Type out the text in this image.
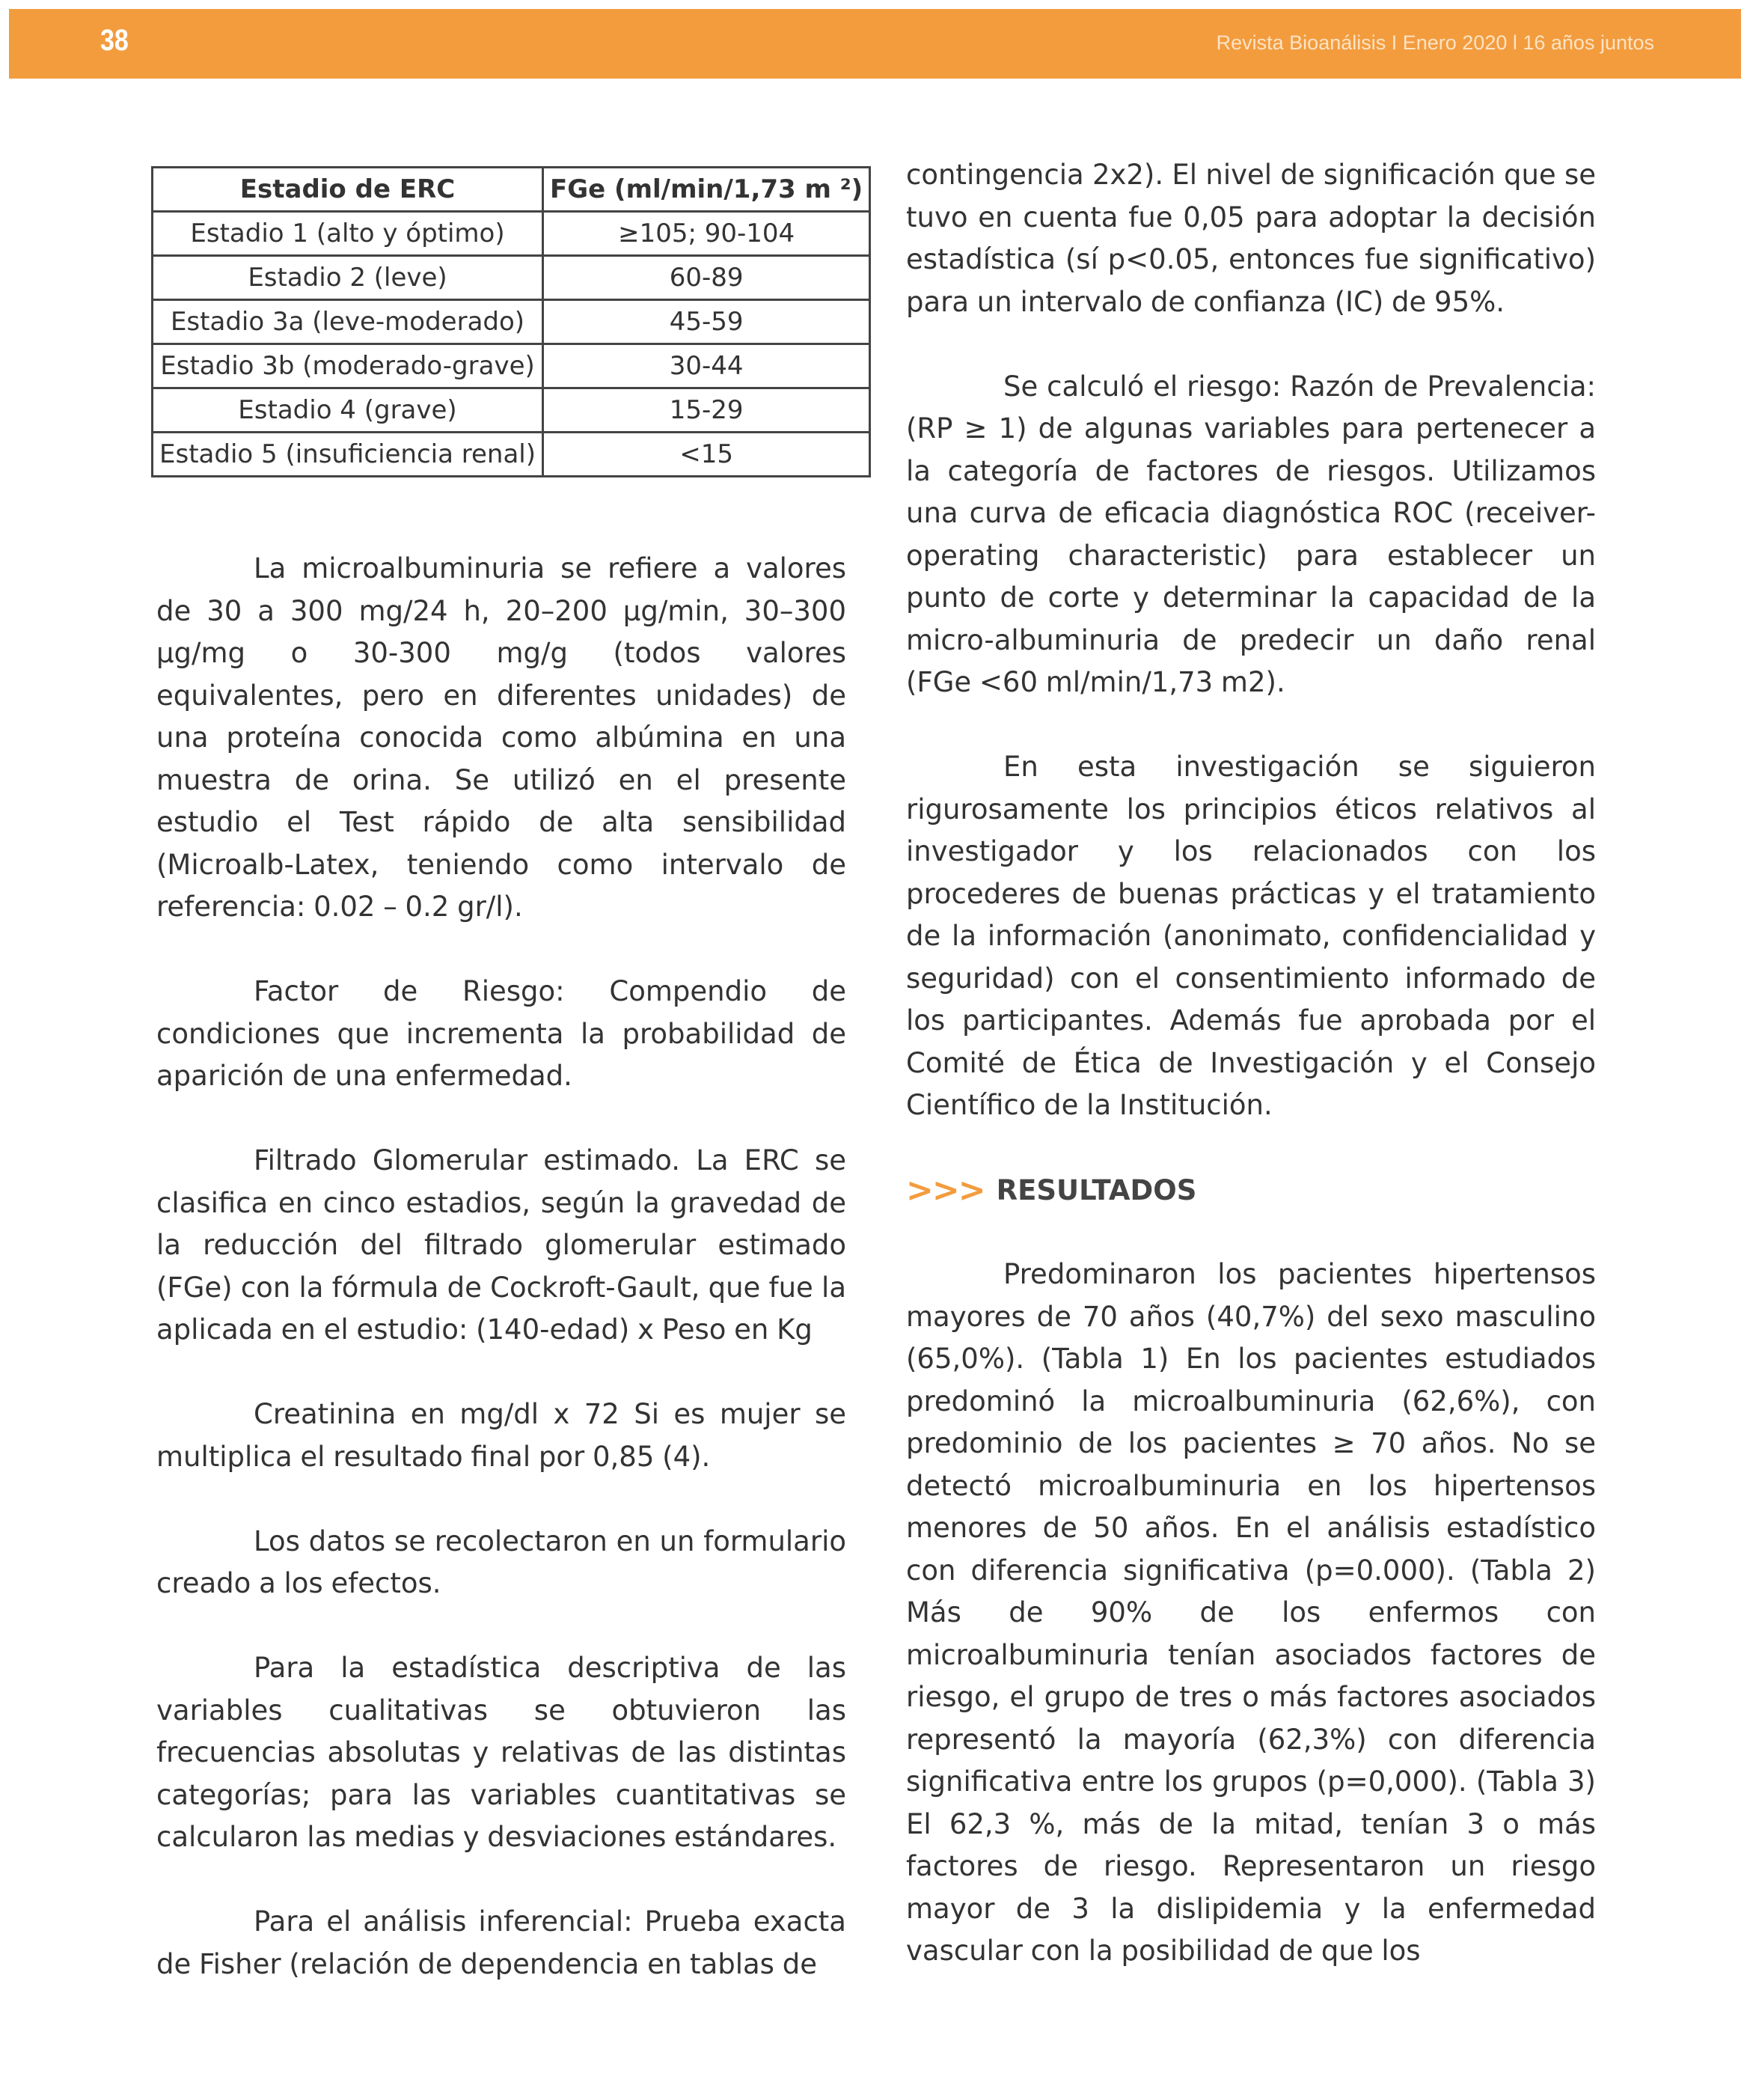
38	Revista Bioanálisis I Enero 2020 l 16 años juntos
Estadio de ERC	FGe (ml/min/1,73 m ²)
Estadio 1 (alto y óptimo)	≥105; 90-104
Estadio 2 (leve)	60-89
Estadio 3a (leve-moderado)	45-59
Estadio 3b (moderado-grave)	30-44
Estadio 4 (grave)	15-29
Estadio 5 (insuficiencia renal)	<15

La microalbuminuria se refiere a valores de 30 a 300 mg/24 h, 20–200 μg/min, 30–300 μg/mg o 30-300 mg/g (todos valores equivalentes, pero en diferentes unidades) de una proteína conocida como albúmina en una muestra de orina. Se utilizó en el presente estudio el Test rápido de alta sensibilidad (Microalb-Latex, teniendo como intervalo de referencia: 0.02 – 0.2 gr/l).

Factor de Riesgo: Compendio de condiciones que incrementa la probabilidad de aparición de una enfermedad.

Filtrado Glomerular estimado. La ERC se clasifica en cinco estadios, según la gravedad de la reducción del filtrado glomerular estimado (FGe) con la fórmula de Cockroft-Gault, que fue la aplicada en el estudio: (140-edad) x Peso en Kg

Creatinina en mg/dl x 72 Si es mujer se multiplica el resultado final por 0,85 (4).

Los datos se recolectaron en un formulario creado a los efectos.

Para la estadística descriptiva de las variables cualitativas se obtuvieron las frecuencias absolutas y relativas de las distintas categorías; para las variables cuantitativas se calcularon las medias y desviaciones estándares.

Para el análisis inferencial: Prueba exacta de Fisher (relación de dependencia en tablas de

contingencia 2x2). El nivel de significación que se tuvo en cuenta fue 0,05 para adoptar la decisión estadística (sí p<0.05, entonces fue significativo) para un intervalo de confianza (IC) de 95%.

Se calculó el riesgo: Razón de Prevalencia: (RP ≥ 1) de algunas variables para pertenecer a la categoría de factores de riesgos. Utilizamos una curva de eficacia diagnóstica ROC (receiver-operating characteristic) para establecer un punto de corte y determinar la capacidad de la micro-albuminuria de predecir un daño renal (FGe <60 ml/min/1,73 m2).

En esta investigación se siguieron rigurosamente los principios éticos relativos al investigador y los relacionados con los procederes de buenas prácticas y el tratamiento de la información (anonimato, confidencialidad y seguridad) con el consentimiento informado de los participantes. Además fue aprobada por el Comité de Ética de Investigación y el Consejo Científico de la Institución.

>>> RESULTADOS

Predominaron los pacientes hipertensos mayores de 70 años (40,7%) del sexo masculino (65,0%). (Tabla 1) En los pacientes estudiados predominó la microalbuminuria (62,6%), con predominio de los pacientes ≥ 70 años. No se detectó microalbuminuria en los hipertensos menores de 50 años. En el análisis estadístico con diferencia significativa (p=0.000). (Tabla 2) Más de 90% de los enfermos con microalbuminuria tenían asociados factores de riesgo, el grupo de tres o más factores asociados representó la mayoría (62,3%) con diferencia significativa entre los grupos (p=0,000). (Tabla 3) El 62,3 %, más de la mitad, tenían 3 o más factores de riesgo. Representaron un riesgo mayor de 3 la dislipidemia y la enfermedad vascular con la posibilidad de que los
